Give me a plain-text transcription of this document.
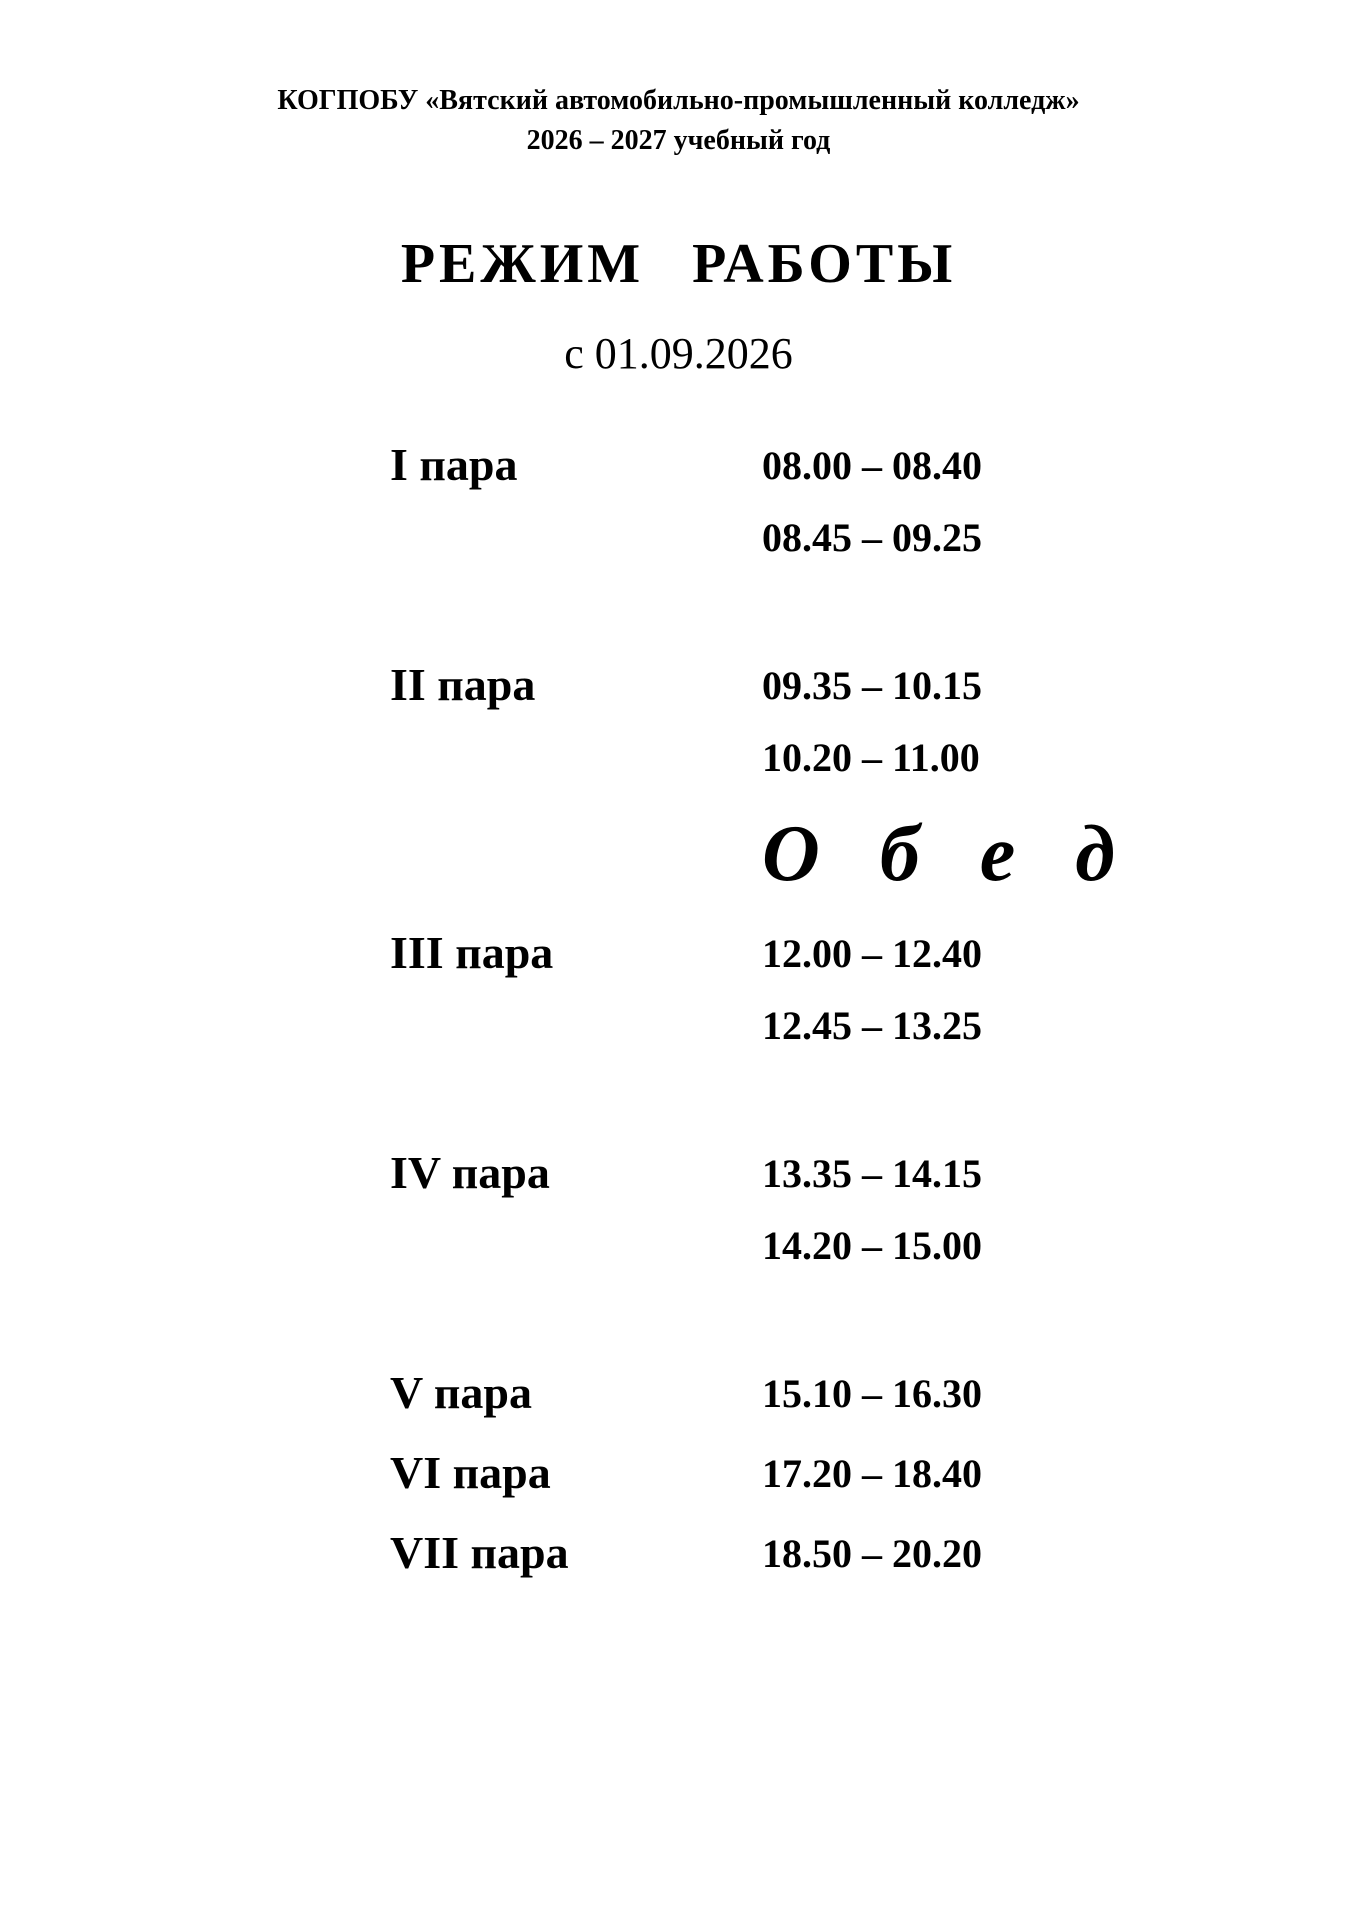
КОГПОБУ «Вятский автомобильно-промышленный колледж»
2026 – 2027 учебный год
РЕЖИМ РАБОТЫ
с 01.09.2026
I пара	08.00 – 08.40
08.45 – 09.25
II пара	09.35 – 10.15
10.20 – 11.00
О б е д
III пара	12.00 – 12.40
12.45 – 13.25
IV пара	13.35 – 14.15
14.20 – 15.00
V пара	15.10 – 16.30
VI пара	17.20 – 18.40
VII пара	18.50 – 20.20
